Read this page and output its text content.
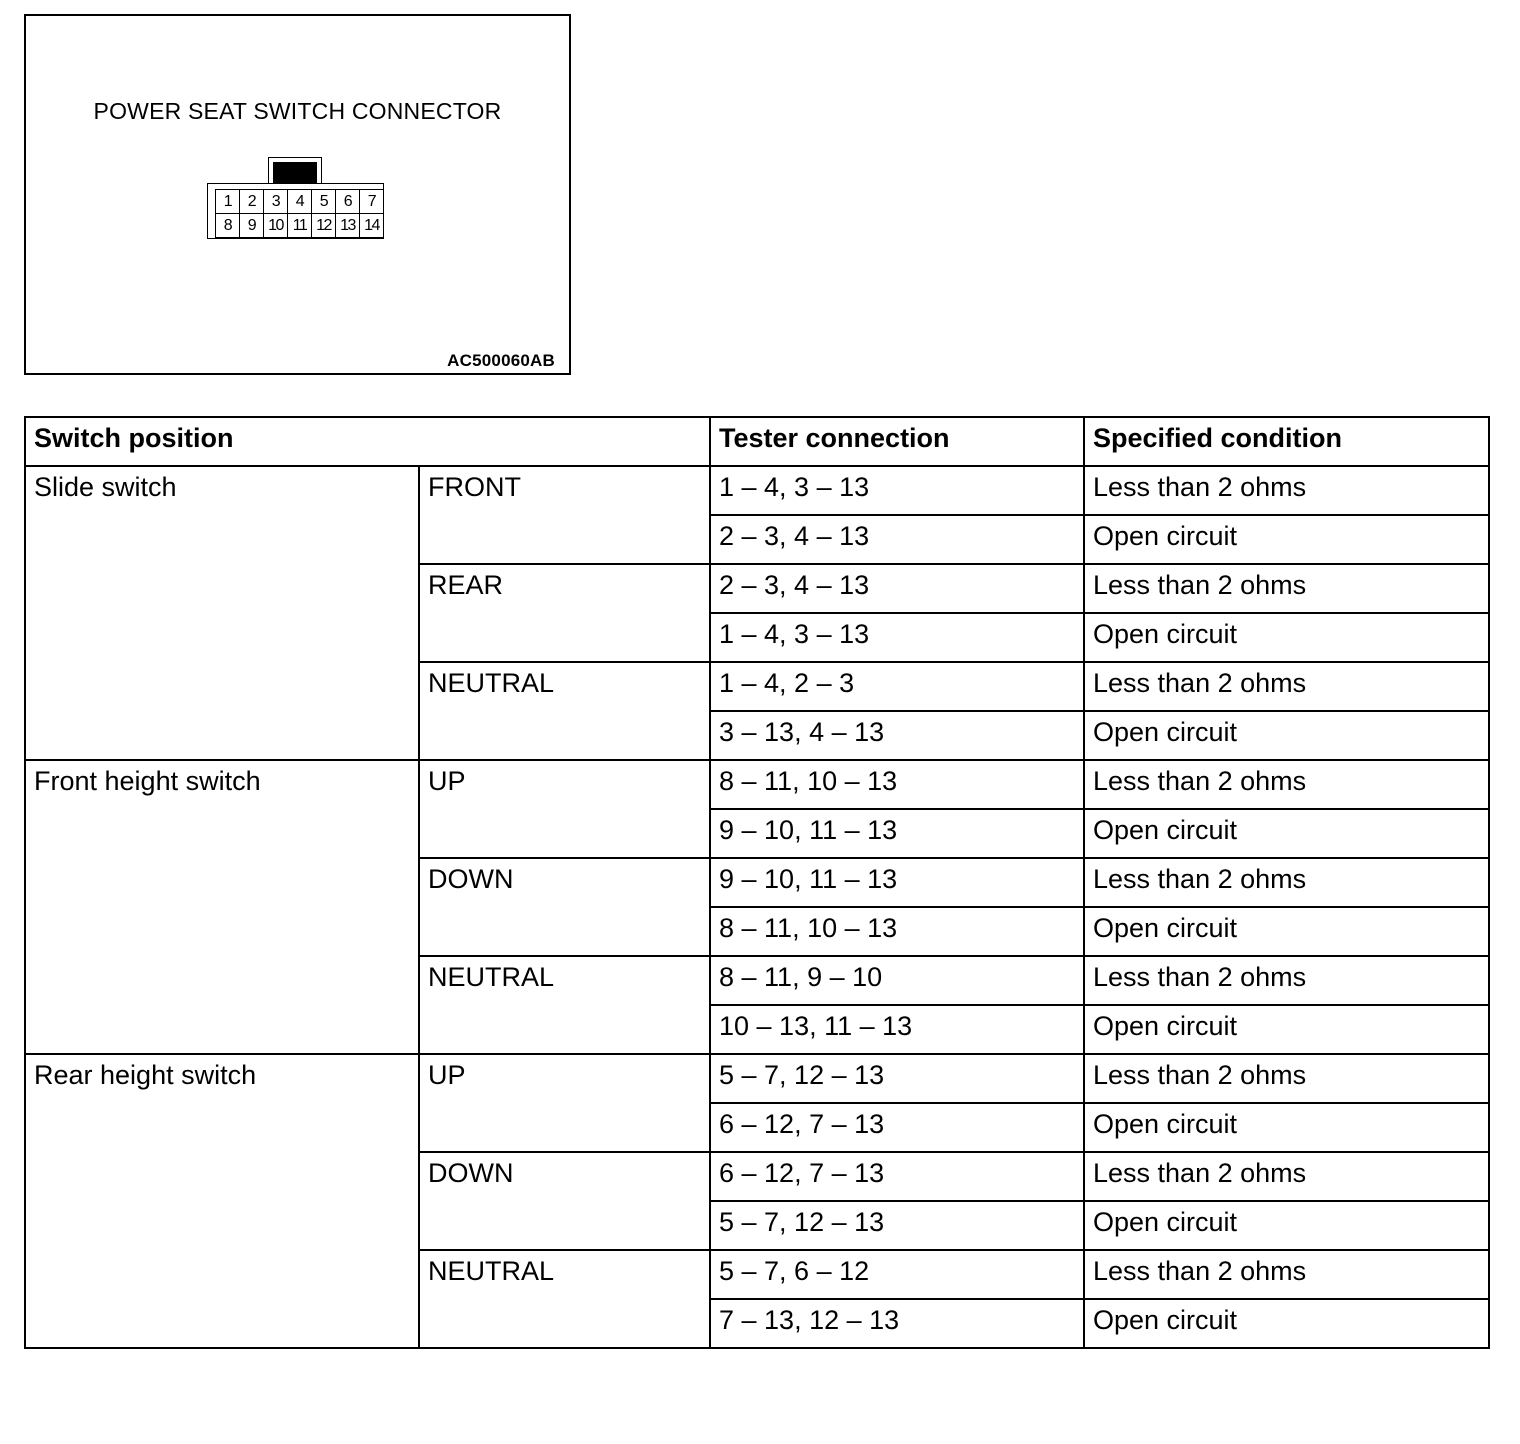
POWER SEAT SWITCH CONNECTOR
1	2	3	4	5	6	7
8	9 10 11 12 13 14
AC500060AB
Switch position		Tester connection	Specified condition
Slide switch	FRONT	1 – 4, 3 – 13	Less than 2 ohms
		2 – 3, 4 – 13	Open circuit
	REAR	2 – 3, 4 – 13	Less than 2 ohms
		1 – 4, 3 – 13	Open circuit
	NEUTRAL	1 – 4, 2 – 3	Less than 2 ohms
		3 – 13, 4 – 13	Open circuit
Front height switch	UP	8 – 11, 10 – 13	Less than 2 ohms
		9 – 10, 11 – 13	Open circuit
	DOWN	9 – 10, 11 – 13	Less than 2 ohms
		8 – 11, 10 – 13	Open circuit
	NEUTRAL	8 – 11, 9 – 10	Less than 2 ohms
		10 – 13, 11 – 13	Open circuit
Rear height switch	UP	5 – 7, 12 – 13	Less than 2 ohms
		6 – 12, 7 – 13	Open circuit
	DOWN	6 – 12, 7 – 13	Less than 2 ohms
		5 – 7, 12 – 13	Open circuit
	NEUTRAL	5 – 7, 6 – 12	Less than 2 ohms
		7 – 13, 12 – 13	Open circuit
